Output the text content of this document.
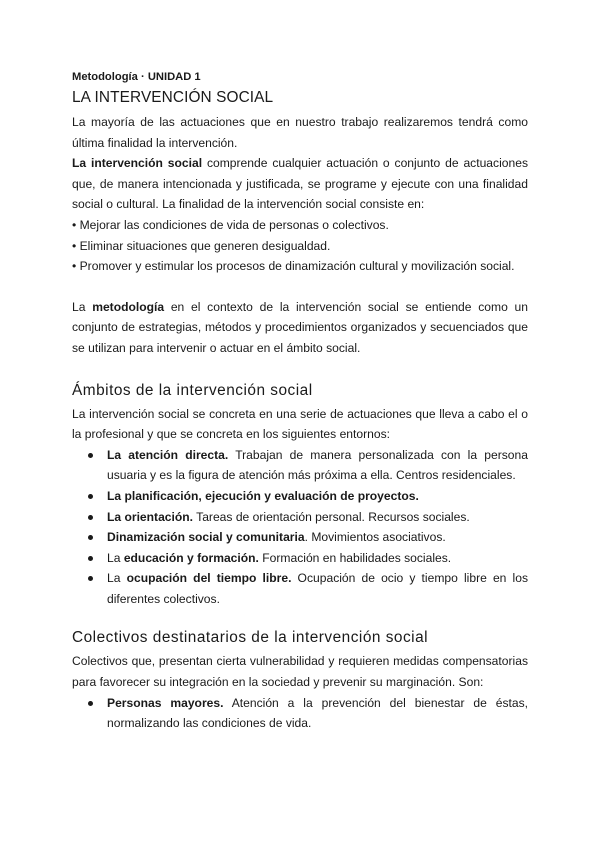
Metodología · UNIDAD 1
LA INTERVENCIÓN SOCIAL

La mayoría de las actuaciones que en nuestro trabajo realizaremos tendrá como última finalidad la intervención.

La intervención social comprende cualquier actuación o conjunto de actuaciones que, de manera intencionada y justificada, se programe y ejecute con una finalidad social o cultural. La finalidad de la intervención social consiste en:

• Mejorar las condiciones de vida de personas o colectivos.
• Eliminar situaciones que generen desigualdad.
• Promover y estimular los procesos de dinamización cultural y movilización social.

La metodología en el contexto de la intervención social se entiende como un conjunto de estrategias, métodos y procedimientos organizados y secuenciados que se utilizan para intervenir o actuar en el ámbito social.

Ámbitos de la intervención social

La intervención social se concreta en una serie de actuaciones que lleva a cabo el o la profesional y que se concreta en los siguientes entornos:

La atención directa. Trabajan de manera personalizada con la persona usuaria y es la figura de atención más próxima a ella. Centros residenciales.
La planificación, ejecución y evaluación de proyectos.
La orientación. Tareas de orientación personal. Recursos sociales.
Dinamización social y comunitaria. Movimientos asociativos.
La educación y formación. Formación en habilidades sociales.
La ocupación del tiempo libre. Ocupación de ocio y tiempo libre en los diferentes colectivos.
Colectivos destinatarios de la intervención social

Colectivos que, presentan cierta vulnerabilidad y requieren medidas compensatorias para favorecer su integración en la sociedad y prevenir su marginación. Son:

Personas mayores. Atención a la prevención del bienestar de éstas, normalizando las condiciones de vida.
